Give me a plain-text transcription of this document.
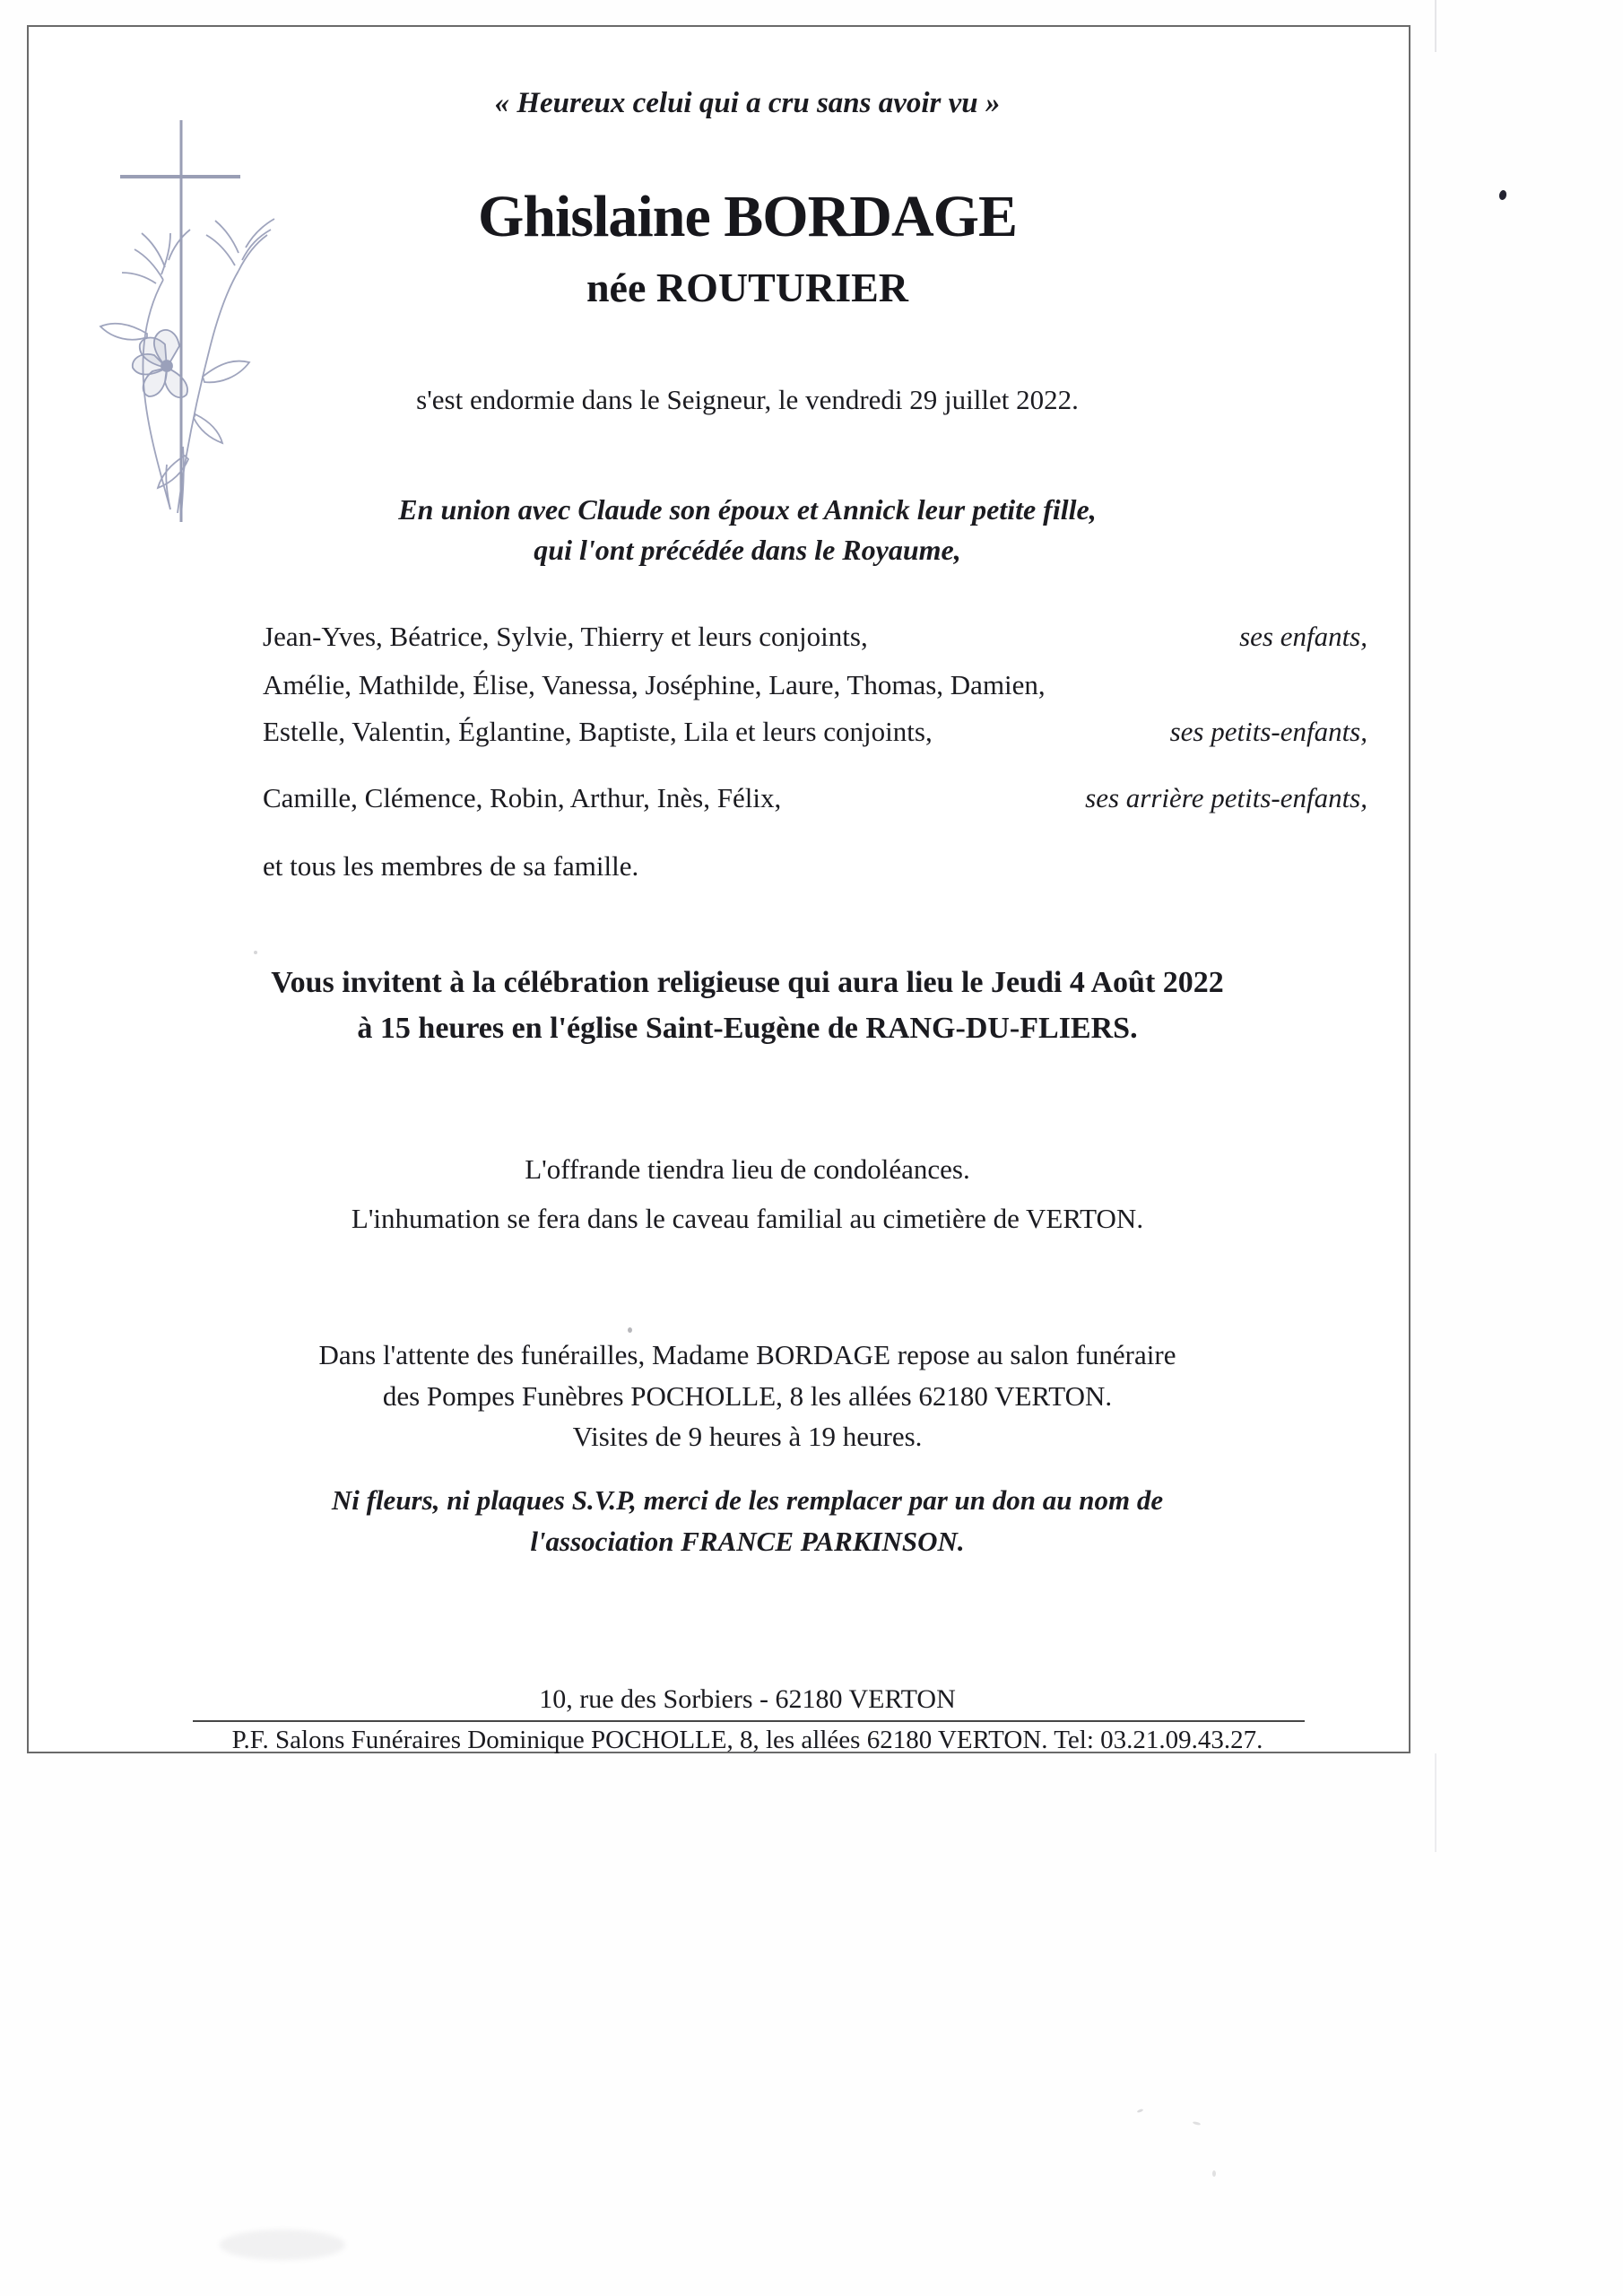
« Heureux celui qui a cru sans avoir vu »
Ghislaine BORDAGE
née ROUTURIER
s'est endormie dans le Seigneur, le vendredi 29 juillet 2022.
En union avec Claude son époux et Annick leur petite fille,
qui l'ont précédée dans le Royaume,
Jean-Yves, Béatrice, Sylvie, Thierry et leurs conjoints,	ses enfants,
Amélie, Mathilde, Élise, Vanessa, Joséphine, Laure, Thomas, Damien,
Estelle, Valentin, Églantine, Baptiste, Lila et leurs conjoints,	ses petits-enfants,
Camille, Clémence, Robin, Arthur, Inès, Félix,	ses arrière petits-enfants,
et tous les membres de sa famille.
Vous invitent à la célébration religieuse qui aura lieu le Jeudi 4 Août 2022
à 15 heures en l'église Saint-Eugène de RANG-DU-FLIERS.
L'offrande tiendra lieu de condoléances.
L'inhumation se fera dans le caveau familial au cimetière de VERTON.
Dans l'attente des funérailles, Madame BORDAGE repose au salon funéraire
des Pompes Funèbres POCHOLLE, 8 les allées 62180 VERTON.
Visites de 9 heures à 19 heures.
Ni fleurs, ni plaques S.V.P, merci de les remplacer par un don au nom de
l'association FRANCE PARKINSON.
10, rue des Sorbiers - 62180 VERTON
P.F. Salons Funéraires Dominique POCHOLLE, 8, les allées 62180 VERTON. Tel: 03.21.09.43.27.
